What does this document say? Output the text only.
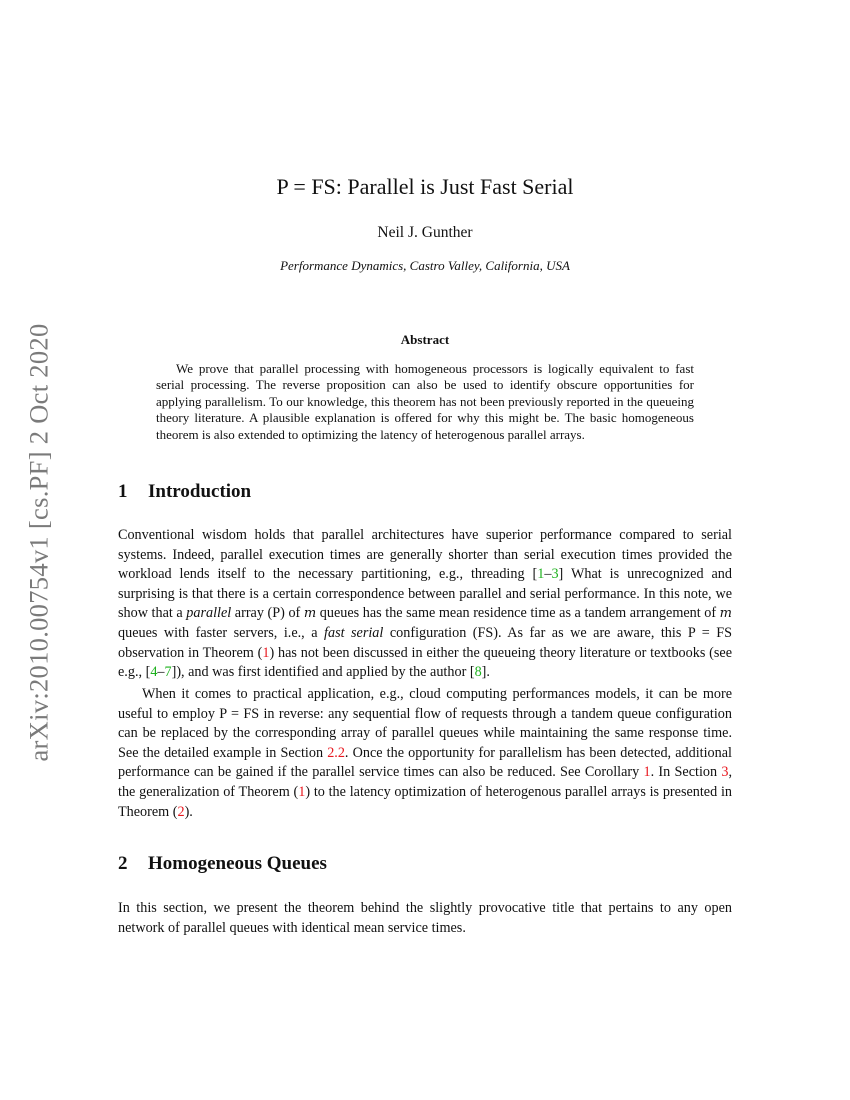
arXiv:2010.00754v1 [cs.PF] 2 Oct 2020
P = FS: Parallel is Just Fast Serial
Neil J. Gunther
Performance Dynamics, Castro Valley, California, USA
Abstract

We prove that parallel processing with homogeneous processors is logically equivalent to fast serial processing. The reverse proposition can also be used to identify obscure opportunities for applying parallelism. To our knowledge, this theorem has not been previously reported in the queueing theory literature. A plausible explanation is offered for why this might be. The basic homogeneous theorem is also extended to optimizing the latency of heterogenous parallel arrays.

1 Introduction

Conventional wisdom holds that parallel architectures have superior performance compared to serial systems. Indeed, parallel execution times are generally shorter than serial execution times provided the workload lends itself to the necessary partitioning, e.g., threading [1–3] What is unrecognized and surprising is that there is a certain correspondence between parallel and serial performance. In this note, we show that a parallel array (P) of m queues has the same mean residence time as a tandem arrangement of m queues with faster servers, i.e., a fast serial configuration (FS). As far as we are aware, this P = FS observation in Theorem (1) has not been discussed in either the queueing theory literature or textbooks (see e.g., [4–7]), and was first identified and applied by the author [8].

When it comes to practical application, e.g., cloud computing performances models, it can be more useful to employ P = FS in reverse: any sequential flow of requests through a tandem queue configuration can be replaced by the corresponding array of parallel queues while maintaining the same response time. See the detailed example in Section 2.2. Once the opportunity for parallelism has been detected, additional performance can be gained if the parallel service times can also be reduced. See Corollary 1. In Section 3, the generalization of Theorem (1) to the latency optimization of heterogenous parallel arrays is presented in Theorem (2).

2 Homogeneous Queues

In this section, we present the theorem behind the slightly provocative title that pertains to any open network of parallel queues with identical mean service times.
